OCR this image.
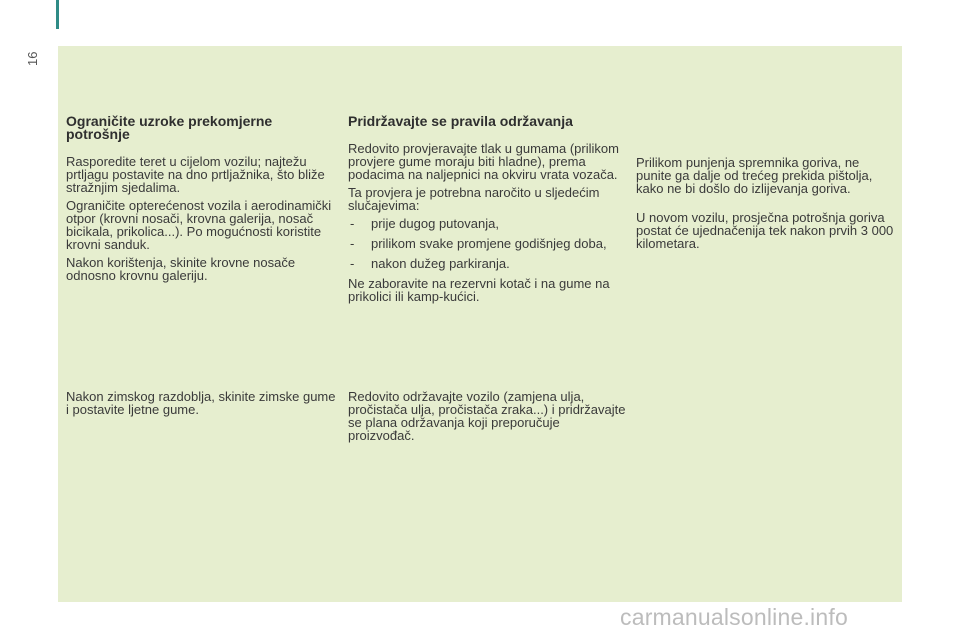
16
Ograničite uzroke prekomjerne potrošnje

Rasporedite teret u cijelom vozilu; najtežu prtljagu postavite na dno prtljažnika, što bliže stražnjim sjedalima.

Ograničite opterećenost vozila i aerodinamički otpor (krovni nosači, krovna galerija, nosač bicikala, prikolica...). Po mogućnosti koristite krovni sanduk.

Nakon korištenja, skinite krovne nosače odnosno krovnu galeriju.

Nakon zimskog razdoblja, skinite zimske gume i postavite ljetne gume.

Pridržavajte se pravila održavanja

Redovito provjeravajte tlak u gumama (prilikom provjere gume moraju biti hladne), prema podacima na naljepnici na okviru vrata vozača.

Ta provjera je potrebna naročito u sljedećim slučajevima:

- prije dugog putovanja,
- prilikom svake promjene godišnjeg doba,
- nakon dužeg parkiranja.

Ne zaboravite na rezervni kotač i na gume na prikolici ili kamp-kućici.

Redovito održavajte vozilo (zamjena ulja, pročistača ulja, pročistača zraka...) i pridržavajte se plana održavanja koji preporučuje proizvođač.

Prilikom punjenja spremnika goriva, ne punite ga dalje od trećeg prekida pištolja, kako ne bi došlo do izlijevanja goriva.

U novom vozilu, prosječna potrošnja goriva postat će ujednačenija tek nakon prvih 3 000 kilometara.

carmanualsonline.info
